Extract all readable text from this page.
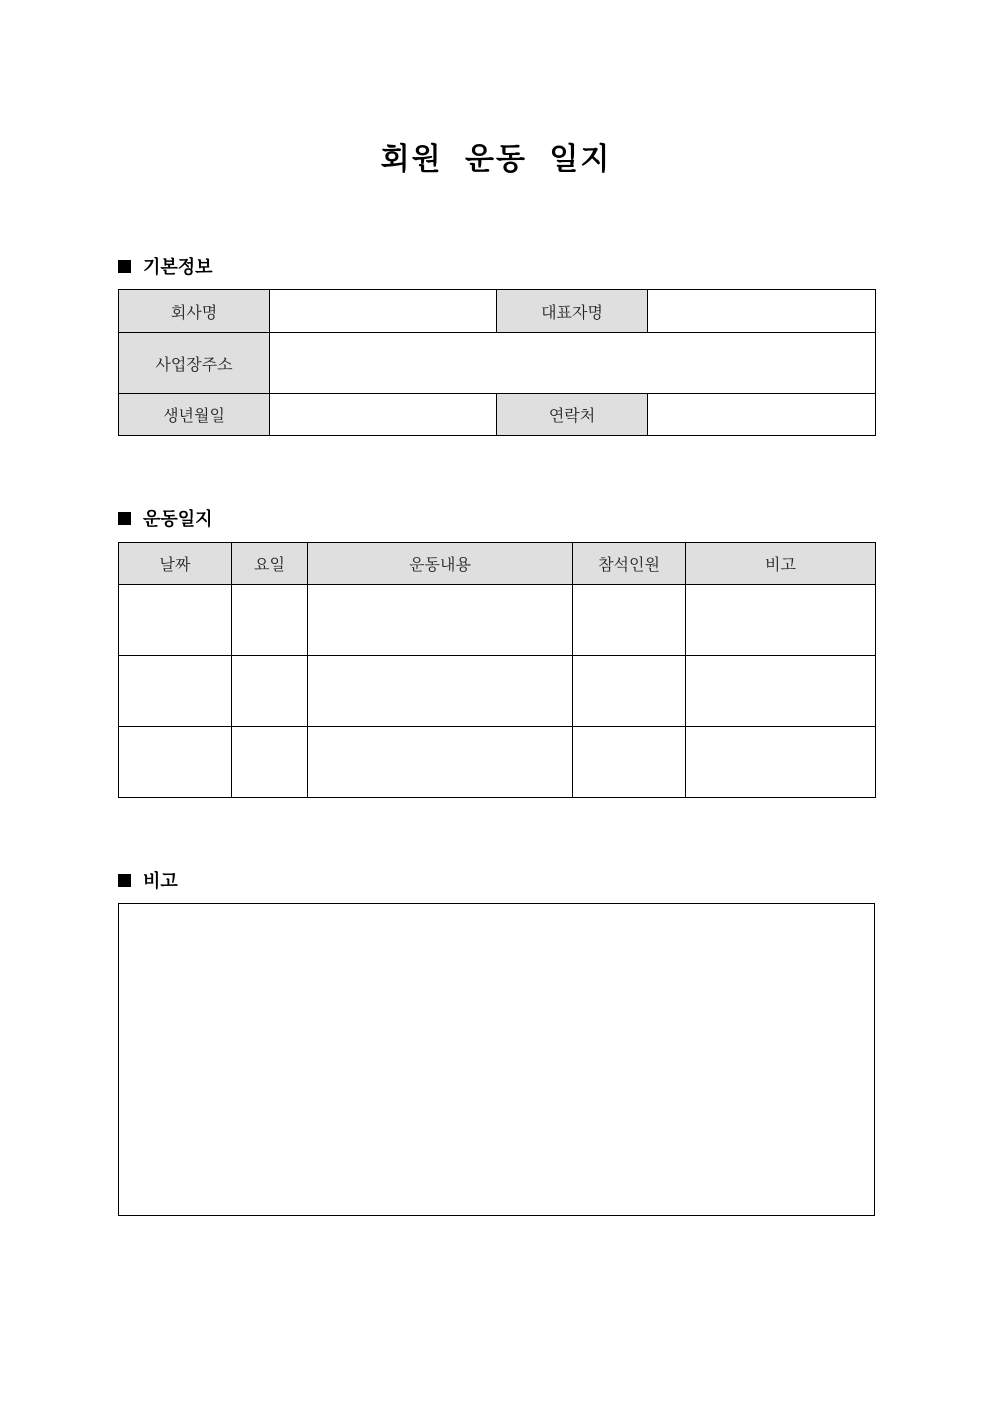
회원 운동 일지
기본정보
회사명		대표자명	
사업장주소			
생년월일		연락처	
운동일지
날짜	요일	운동내용	참석인원	비고

비고
